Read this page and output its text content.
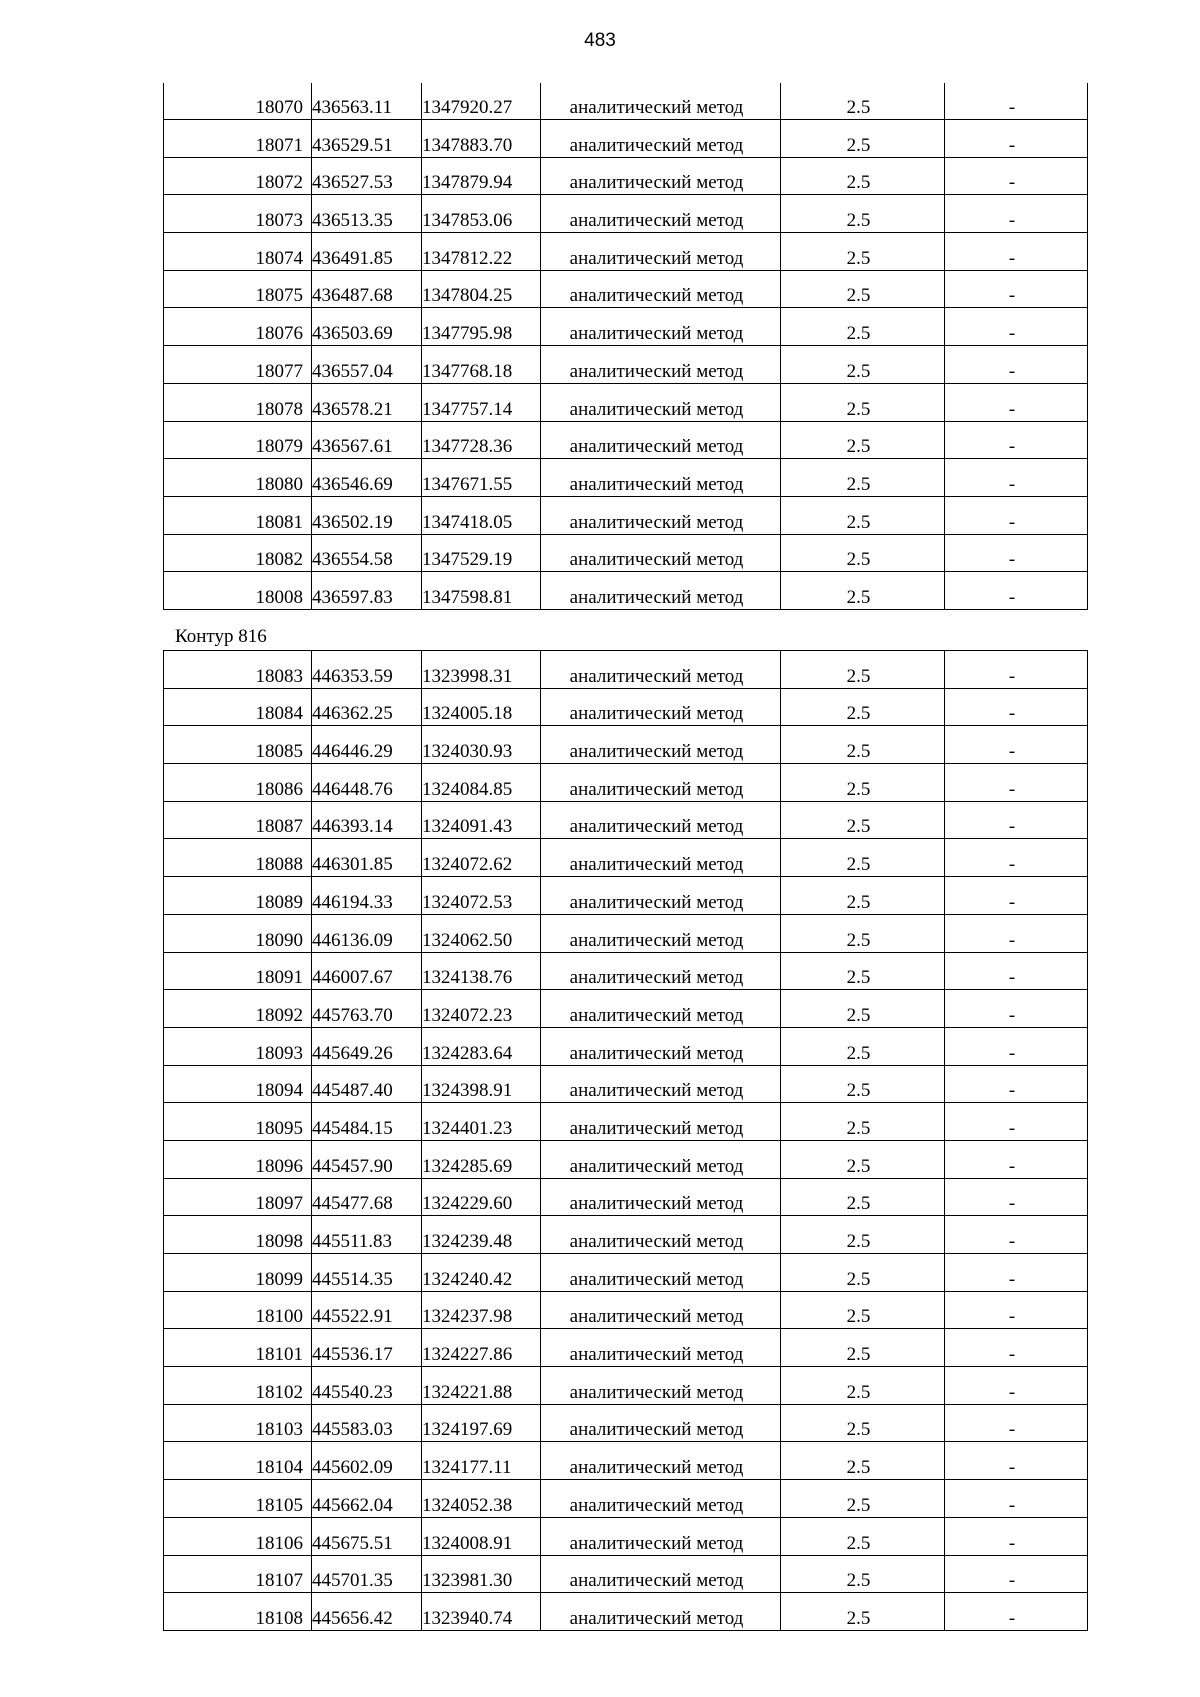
483
18070	436563.11	1347920.27	аналитический метод	2.5	-
18071	436529.51	1347883.70	аналитический метод	2.5	-
18072	436527.53	1347879.94	аналитический метод	2.5	-
18073	436513.35	1347853.06	аналитический метод	2.5	-
18074	436491.85	1347812.22	аналитический метод	2.5	-
18075	436487.68	1347804.25	аналитический метод	2.5	-
18076	436503.69	1347795.98	аналитический метод	2.5	-
18077	436557.04	1347768.18	аналитический метод	2.5	-
18078	436578.21	1347757.14	аналитический метод	2.5	-
18079	436567.61	1347728.36	аналитический метод	2.5	-
18080	436546.69	1347671.55	аналитический метод	2.5	-
18081	436502.19	1347418.05	аналитический метод	2.5	-
18082	436554.58	1347529.19	аналитический метод	2.5	-
18008	436597.83	1347598.81	аналитический метод	2.5	-
Контур 816
18083	446353.59	1323998.31	аналитический метод	2.5	-
18084	446362.25	1324005.18	аналитический метод	2.5	-
18085	446446.29	1324030.93	аналитический метод	2.5	-
18086	446448.76	1324084.85	аналитический метод	2.5	-
18087	446393.14	1324091.43	аналитический метод	2.5	-
18088	446301.85	1324072.62	аналитический метод	2.5	-
18089	446194.33	1324072.53	аналитический метод	2.5	-
18090	446136.09	1324062.50	аналитический метод	2.5	-
18091	446007.67	1324138.76	аналитический метод	2.5	-
18092	445763.70	1324072.23	аналитический метод	2.5	-
18093	445649.26	1324283.64	аналитический метод	2.5	-
18094	445487.40	1324398.91	аналитический метод	2.5	-
18095	445484.15	1324401.23	аналитический метод	2.5	-
18096	445457.90	1324285.69	аналитический метод	2.5	-
18097	445477.68	1324229.60	аналитический метод	2.5	-
18098	445511.83	1324239.48	аналитический метод	2.5	-
18099	445514.35	1324240.42	аналитический метод	2.5	-
18100	445522.91	1324237.98	аналитический метод	2.5	-
18101	445536.17	1324227.86	аналитический метод	2.5	-
18102	445540.23	1324221.88	аналитический метод	2.5	-
18103	445583.03	1324197.69	аналитический метод	2.5	-
18104	445602.09	1324177.11	аналитический метод	2.5	-
18105	445662.04	1324052.38	аналитический метод	2.5	-
18106	445675.51	1324008.91	аналитический метод	2.5	-
18107	445701.35	1323981.30	аналитический метод	2.5	-
18108	445656.42	1323940.74	аналитический метод	2.5	-
